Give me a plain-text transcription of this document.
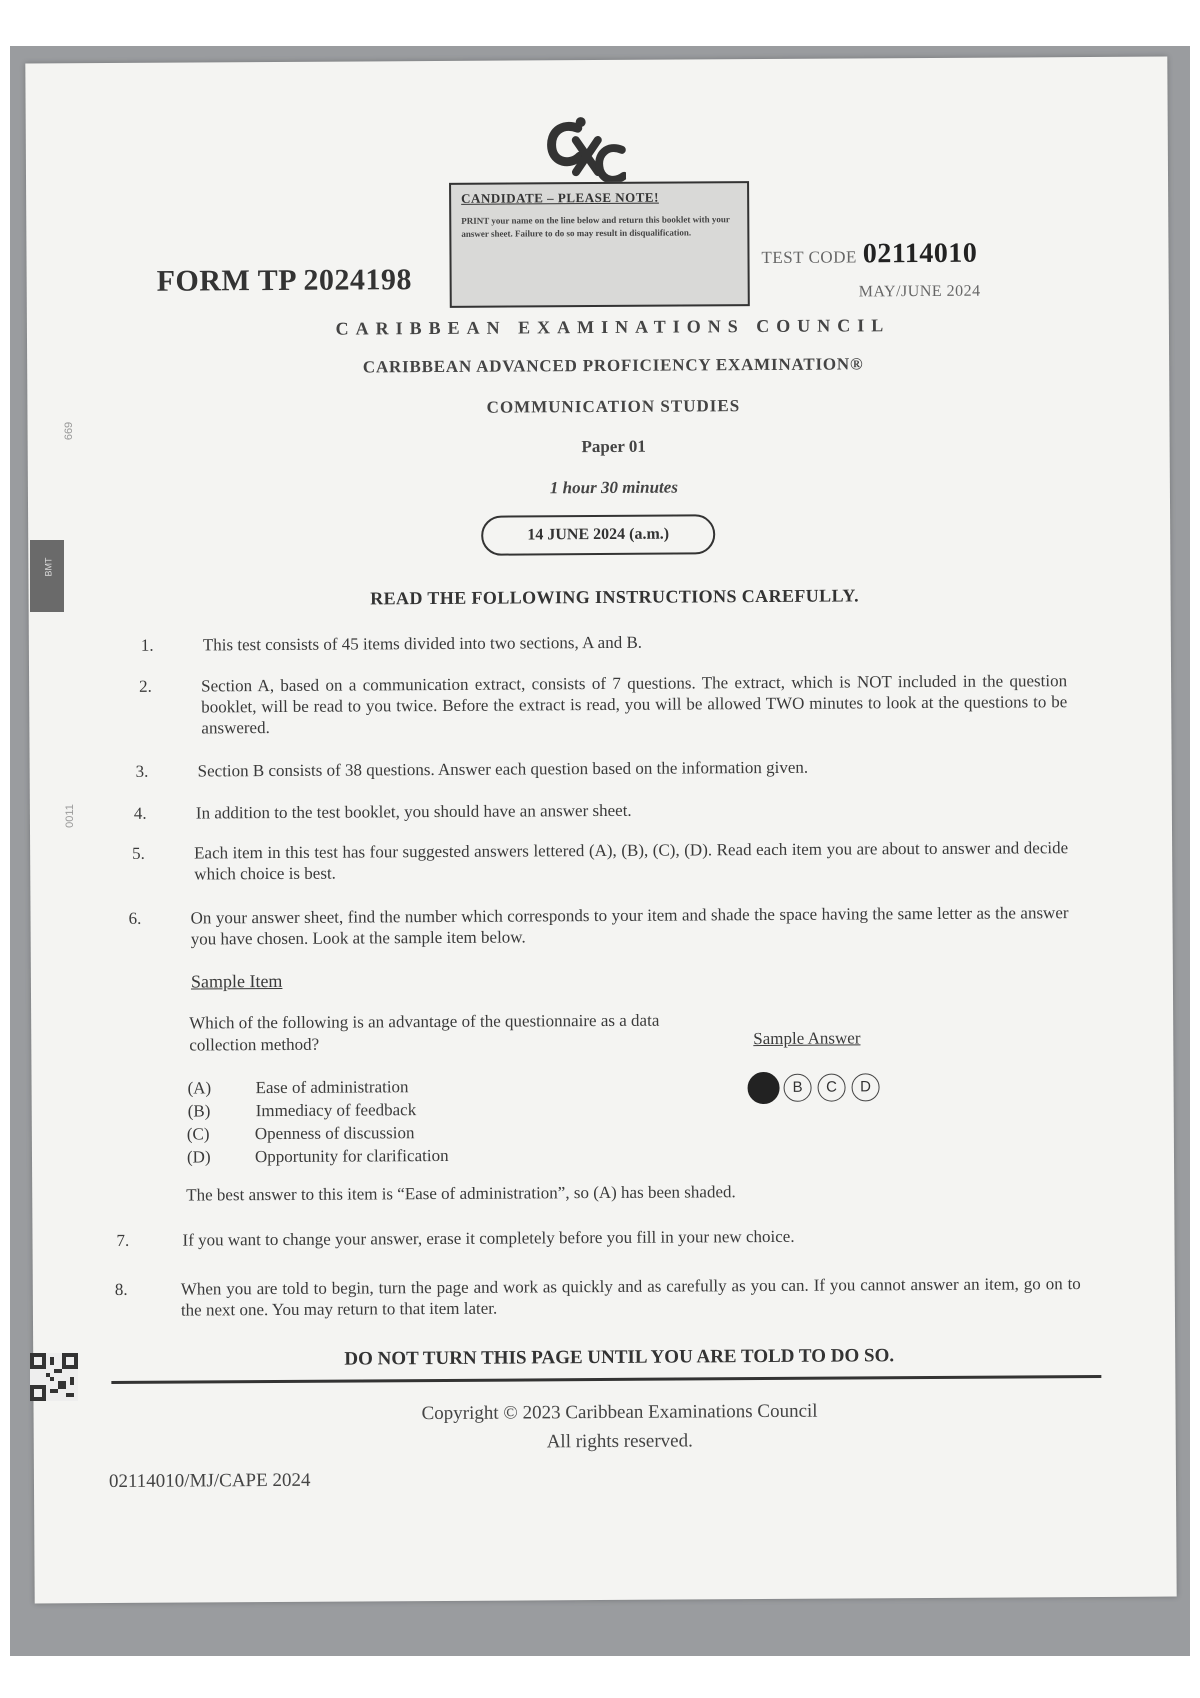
CANDIDATE – PLEASE NOTE!
PRINT your name on the line below and return this booklet with your answer sheet. Failure to do so may result in disqualification.
FORM TP 2024198
TEST CODE 02114010
MAY/JUNE 2024
CARIBBEAN EXAMINATIONS COUNCIL
CARIBBEAN ADVANCED PROFICIENCY EXAMINATION®
COMMUNICATION STUDIES
Paper 01
1 hour 30 minutes
14 JUNE 2024 (a.m.)
READ THE FOLLOWING INSTRUCTIONS CAREFULLY.
1.	This test consists of 45 items divided into two sections, A and B.
2.	Section A, based on a communication extract, consists of 7 questions. The extract, which is NOT included in the question booklet, will be read to you twice. Before the extract is read, you will be allowed TWO minutes to look at the questions to be answered.
3.	Section B consists of 38 questions. Answer each question based on the information given.
4.	In addition to the test booklet, you should have an answer sheet.
5.	Each item in this test has four suggested answers lettered (A), (B), (C), (D). Read each item you are about to answer and decide which choice is best.
6.	On your answer sheet, find the number which corresponds to your item and shade the space having the same letter as the answer you have chosen. Look at the sample item below.
Sample Item
Which of the following is an advantage of the questionnaire as a data collection method?	Sample Answer
(A)	Ease of administration
(B)	Immediacy of feedback
(C)	Openness of discussion
(D)	Opportunity for clarification
B	C	D
The best answer to this item is “Ease of administration”, so (A) has been shaded.
7.	If you want to change your answer, erase it completely before you fill in your new choice.
8.	When you are told to begin, turn the page and work as quickly and as carefully as you can. If you cannot answer an item, go on to the next one. You may return to that item later.
DO NOT TURN THIS PAGE UNTIL YOU ARE TOLD TO DO SO.
Copyright © 2023 Caribbean Examinations Council
All rights reserved.
02114010/MJ/CAPE 2024
BMT
669
0011
